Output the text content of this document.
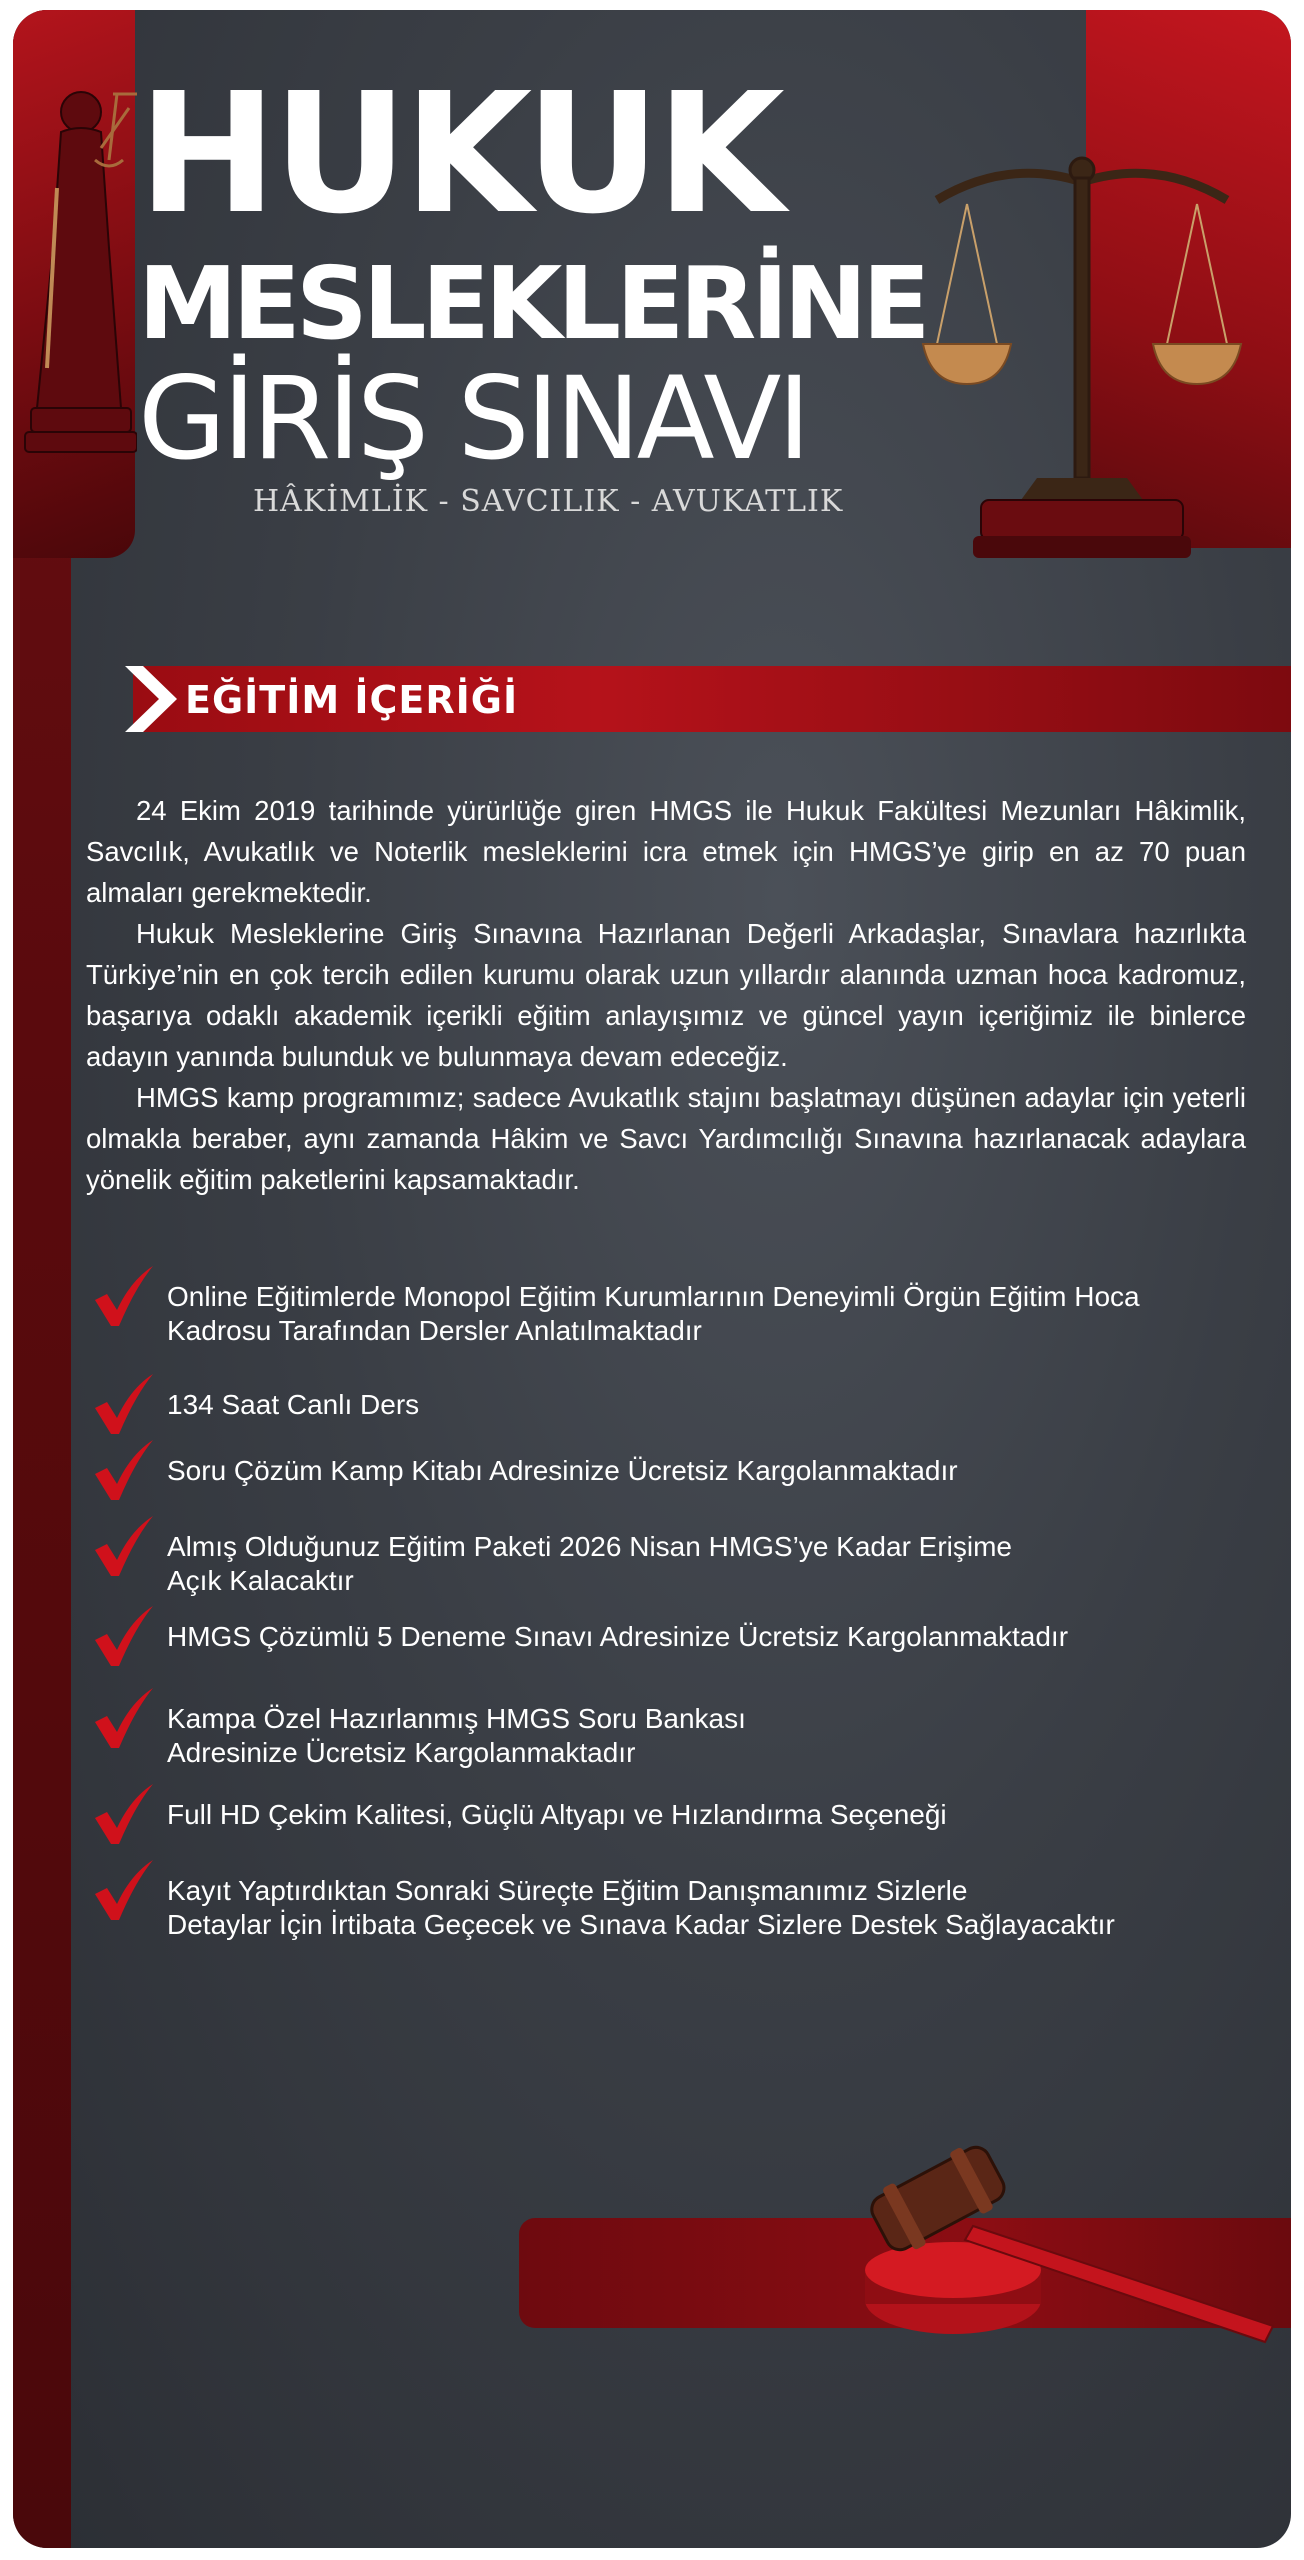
HUKUK
MESLEKLERİNE
GİRİŞ SINAVI
HÂKİMLİK - SAVCILIK - AVUKATLIK
EĞİTİM İÇERİĞİ

24 Ekim 2019 tarihinde yürürlüğe giren HMGS ile Hukuk Fakültesi Mezunları Hâkimlik, Savcılık, Avukatlık ve Noterlik mesleklerini icra etmek için HMGS’ye girip en az 70 puan almaları gerekmektedir.

Hukuk Mesleklerine Giriş Sınavına Hazırlanan Değerli Arkadaşlar, Sınavlara hazırlıkta Türkiye’nin en çok tercih edilen kurumu olarak uzun yıllardır alanında uzman hoca kadromuz, başarıya odaklı akademik içerikli eğitim anlayışımız ve güncel yayın içeriğimiz ile binlerce adayın yanında bulunduk ve bulunmaya devam edeceğiz.

HMGS kamp programımız; sadece Avukatlık stajını başlatmayı düşünen adaylar için yeterli olmakla beraber, aynı zamanda Hâkim ve Savcı Yardımcılığı Sınavına hazırlanacak adaylara yönelik eğitim paketlerini kapsamaktadır.

Online Eğitimlerde Monopol Eğitim Kurumlarının Deneyimli Örgün Eğitim Hoca
Kadrosu Tarafından Dersler Anlatılmaktadır
134 Saat Canlı Ders
Soru Çözüm Kamp Kitabı Adresinize Ücretsiz Kargolanmaktadır
Almış Olduğunuz Eğitim Paketi 2026 Nisan HMGS’ye Kadar Erişime
Açık Kalacaktır
HMGS Çözümlü 5 Deneme Sınavı Adresinize Ücretsiz Kargolanmaktadır
Kampa Özel Hazırlanmış HMGS Soru Bankası
Adresinize Ücretsiz Kargolanmaktadır
Full HD Çekim Kalitesi, Güçlü Altyapı ve Hızlandırma Seçeneği
Kayıt Yaptırdıktan Sonraki Süreçte Eğitim Danışmanımız Sizlerle
Detaylar İçin İrtibata Geçecek ve Sınava Kadar Sizlere Destek Sağlayacaktır
